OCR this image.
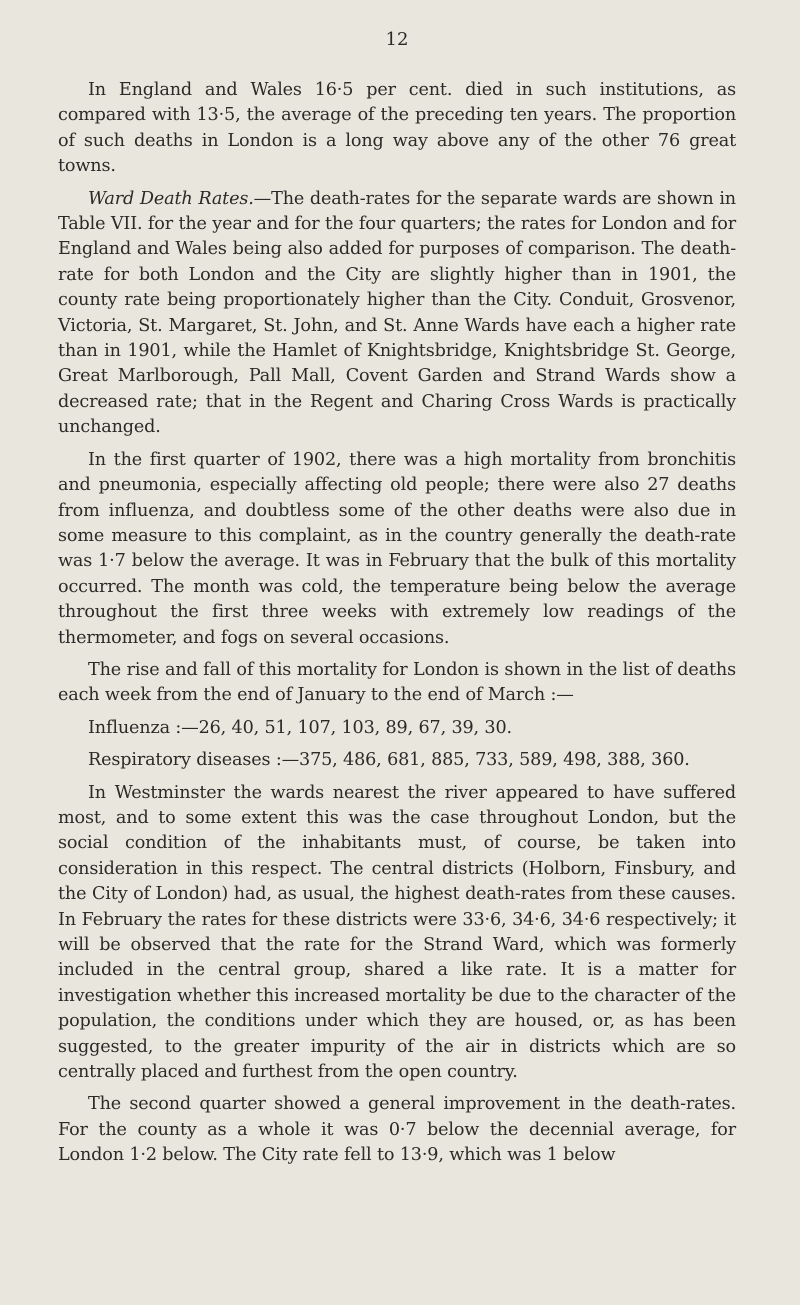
12

In England and Wales 16·5 per cent. died in such institutions, as compared with 13·5, the average of the preceding ten years. The proportion of such deaths in London is a long way above any of the other 76 great towns.

Ward Death Rates.—The death-rates for the separate wards are shown in Table VII. for the year and for the four quarters; the rates for London and for England and Wales being also added for purposes of comparison. The death-rate for both London and the City are slightly higher than in 1901, the county rate being proportionately higher than the City. Conduit, Grosvenor, Victoria, St. Margaret, St. John, and St. Anne Wards have each a higher rate than in 1901, while the Hamlet of Knightsbridge, Knightsbridge St. George, Great Marlborough, Pall Mall, Covent Garden and Strand Wards show a decreased rate; that in the Regent and Charing Cross Wards is practically unchanged.

In the first quarter of 1902, there was a high mortality from bronchitis and pneumonia, especially affecting old people; there were also 27 deaths from influenza, and doubtless some of the other deaths were also due in some measure to this complaint, as in the country generally the death-rate was 1·7 below the average. It was in February that the bulk of this mortality occurred. The month was cold, the temperature being below the average throughout the first three weeks with extremely low readings of the thermometer, and fogs on several occasions.

The rise and fall of this mortality for London is shown in the list of deaths each week from the end of January to the end of March :—

Influenza :—26, 40, 51, 107, 103, 89, 67, 39, 30.
Respiratory diseases :—375, 486, 681, 885, 733, 589, 498, 388, 360.

In Westminster the wards nearest the river appeared to have suffered most, and to some extent this was the case throughout London, but the social condition of the inhabitants must, of course, be taken into consideration in this respect. The central districts (Holborn, Finsbury, and the City of London) had, as usual, the highest death-rates from these causes. In February the rates for these districts were 33·6, 34·6, 34·6 respectively; it will be observed that the rate for the Strand Ward, which was formerly included in the central group, shared a like rate. It is a matter for investigation whether this increased mortality be due to the character of the population, the conditions under which they are housed, or, as has been suggested, to the greater impurity of the air in districts which are so centrally placed and furthest from the open country.

The second quarter showed a general improvement in the death-rates. For the county as a whole it was 0·7 below the decennial average, for London 1·2 below. The City rate fell to 13·9, which was 1 below
